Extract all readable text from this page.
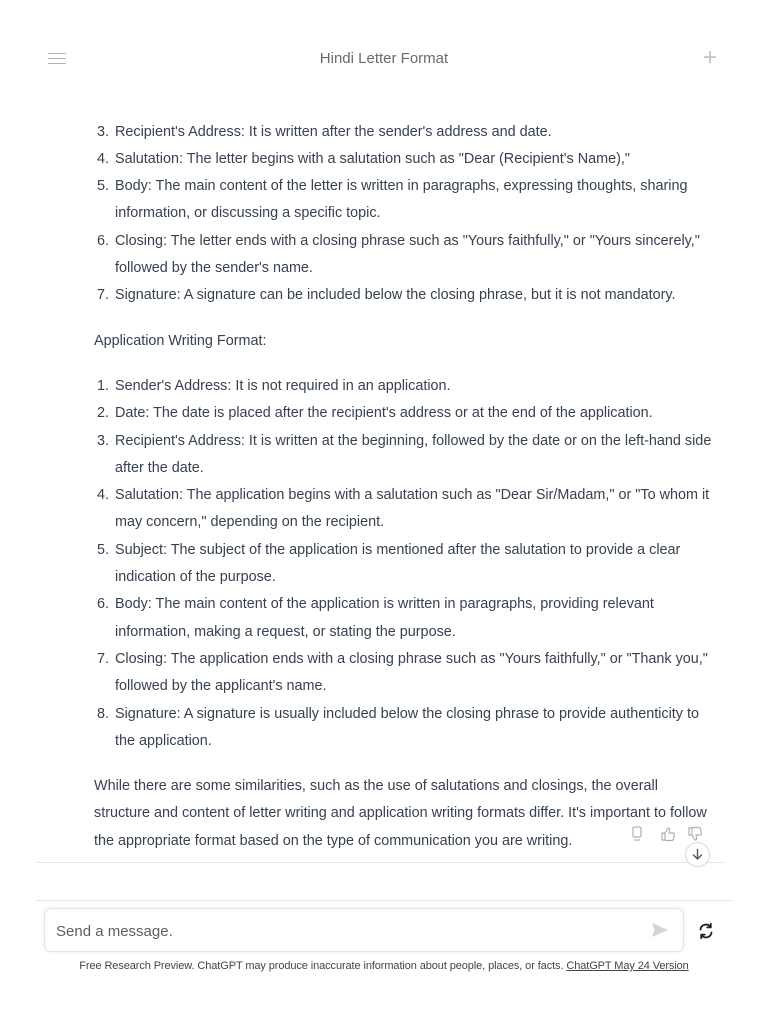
3. Recipient's Address: It is written after the sender's address and date.
4. Salutation: The letter begins with a salutation such as "Dear (Recipient's Name),"
5. Body: The main content of the letter is written in paragraphs, expressing thoughts, sharing information, or discussing a specific topic.
6. Closing: The letter ends with a closing phrase such as "Yours faithfully," or "Yours sincerely," followed by the sender's name.
7. Signature: A signature can be included below the closing phrase, but it is not mandatory.

Application Writing Format:

1. Sender's Address: It is not required in an application.
2. Date: The date is placed after the recipient's address or at the end of the application.
3. Recipient's Address: It is written at the beginning, followed by the date or on the left-hand side after the date.
4. Salutation: The application begins with a salutation such as "Dear Sir/Madam," or "To whom it may concern," depending on the recipient.
5. Subject: The subject of the application is mentioned after the salutation to provide a clear indication of the purpose.
6. Body: The main content of the application is written in paragraphs, providing relevant information, making a request, or stating the purpose.
7. Closing: The application ends with a closing phrase such as "Yours faithfully," or "Thank you," followed by the applicant's name.
8. Signature: A signature is usually included below the closing phrase to provide authenticity to the application.

While there are some similarities, such as the use of salutations and closings, the overall structure and content of letter writing and application writing formats differ. It's important to follow the appropriate format based on the type of communication you are writing.

Hindi Letter Format	+
Send a message.
Free Research Preview. ChatGPT may produce inaccurate information about people, places, or facts. ChatGPT May 24 Version
